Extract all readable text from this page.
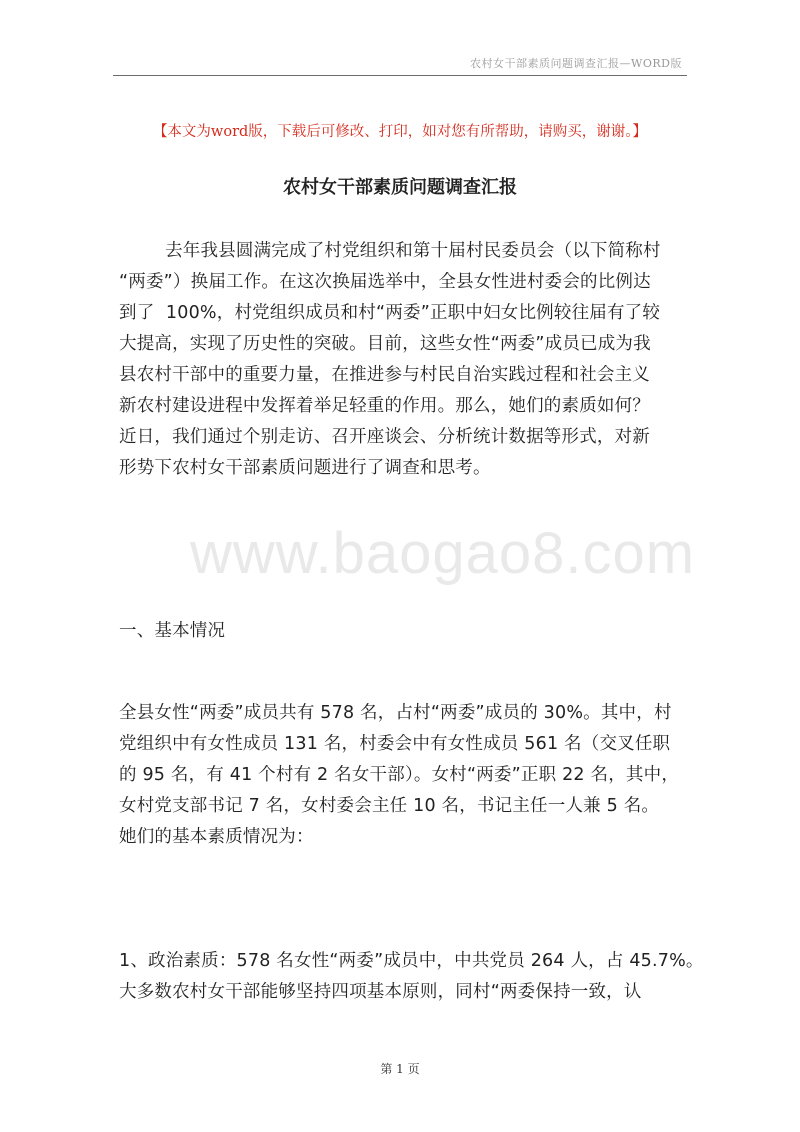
农村女干部素质问题调查汇报—WORD版
【本文为word版，下载后可修改、打印，如对您有所帮助，请购买，谢谢。】
农村女干部素质问题调查汇报
www.baogao8.com
去年我县圆满完成了村党组织和第十届村民委员会（以下简称村
“两委”）换届工作。在这次换届选举中，全县女性进村委会的比例达
到了  100%，村党组织成员和村“两委”正职中妇女比例较往届有了较
大提高，实现了历史性的突破。目前，这些女性“两委”成员已成为我
县农村干部中的重要力量，在推进参与村民自治实践过程和社会主义
新农村建设进程中发挥着举足轻重的作用。那么，她们的素质如何？
近日，我们通过个别走访、召开座谈会、分析统计数据等形式，对新
形势下农村女干部素质问题进行了调查和思考。
一、基本情况
全县女性“两委”成员共有 578 名，占村“两委”成员的 30%。其中，村
党组织中有女性成员 131 名，村委会中有女性成员 561 名（交叉任职
的 95 名，有 41 个村有 2 名女干部）。女村“两委”正职 22 名，其中，
女村党支部书记 7 名，女村委会主任 10 名，书记主任一人兼 5 名。
她们的基本素质情况为：
1、政治素质：578 名女性“两委”成员中，中共党员 264 人，占 45.7%。
大多数农村女干部能够坚持四项基本原则，同村“两委保持一致，认
第 1 页
